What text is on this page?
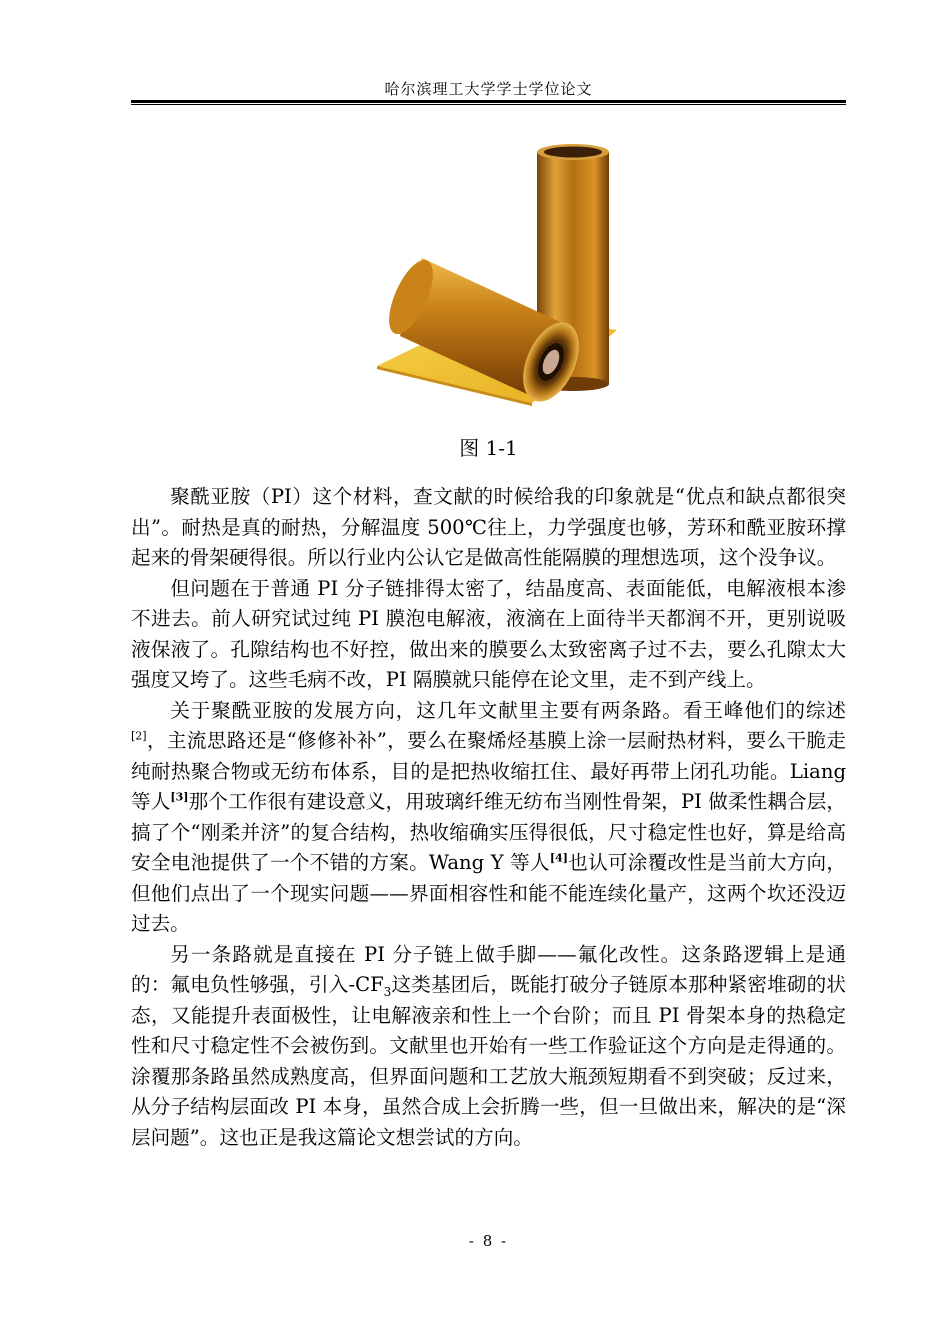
哈尔滨理工大学学士学位论文
图 1-1

聚酰亚胺（PI）这个材料，查文献的时候给我的印象就是“优点和缺点都很突出”。耐热是真的耐热，分解温度 500℃往上，力学强度也够，芳环和酰亚胺环撑起来的骨架硬得很。所以行业内公认它是做高性能隔膜的理想选项，这个没争议。

但问题在于普通 PI 分子链排得太密了，结晶度高、表面能低，电解液根本渗不进去。前人研究试过纯 PI 膜泡电解液，液滴在上面待半天都润不开，更别说吸液保液了。孔隙结构也不好控，做出来的膜要么太致密离子过不去，要么孔隙太大强度又垮了。这些毛病不改，PI 隔膜就只能停在论文里，走不到产线上。

关于聚酰亚胺的发展方向，这几年文献里主要有两条路。看王峰他们的综述[2]，主流思路还是“修修补补”，要么在聚烯烃基膜上涂一层耐热材料，要么干脆走纯耐热聚合物或无纺布体系，目的是把热收缩扛住、最好再带上闭孔功能。Liang 等人[3]那个工作很有建设意义，用玻璃纤维无纺布当刚性骨架，PI 做柔性耦合层，搞了个“刚柔并济”的复合结构，热收缩确实压得很低，尺寸稳定性也好，算是给高安全电池提供了一个不错的方案。Wang Y 等人[4]也认可涂覆改性是当前大方向，但他们点出了一个现实问题——界面相容性和能不能连续化量产，这两个坎还没迈过去。

另一条路就是直接在 PI 分子链上做手脚——氟化改性。这条路逻辑上是通的：氟电负性够强，引入$-CF_3$这类基团后，既能打破分子链原本那种紧密堆砌的状态，又能提升表面极性，让电解液亲和性上一个台阶；而且 PI 骨架本身的热稳定性和尺寸稳定性不会被伤到。文献里也开始有一些工作验证这个方向是走得通的。涂覆那条路虽然成熟度高，但界面问题和工艺放大瓶颈短期看不到突破；反过来，从分子结构层面改 PI 本身，虽然合成上会折腾一些，但一旦做出来，解决的是“深层问题”。这也正是我这篇论文想尝试的方向。

- 8 -
